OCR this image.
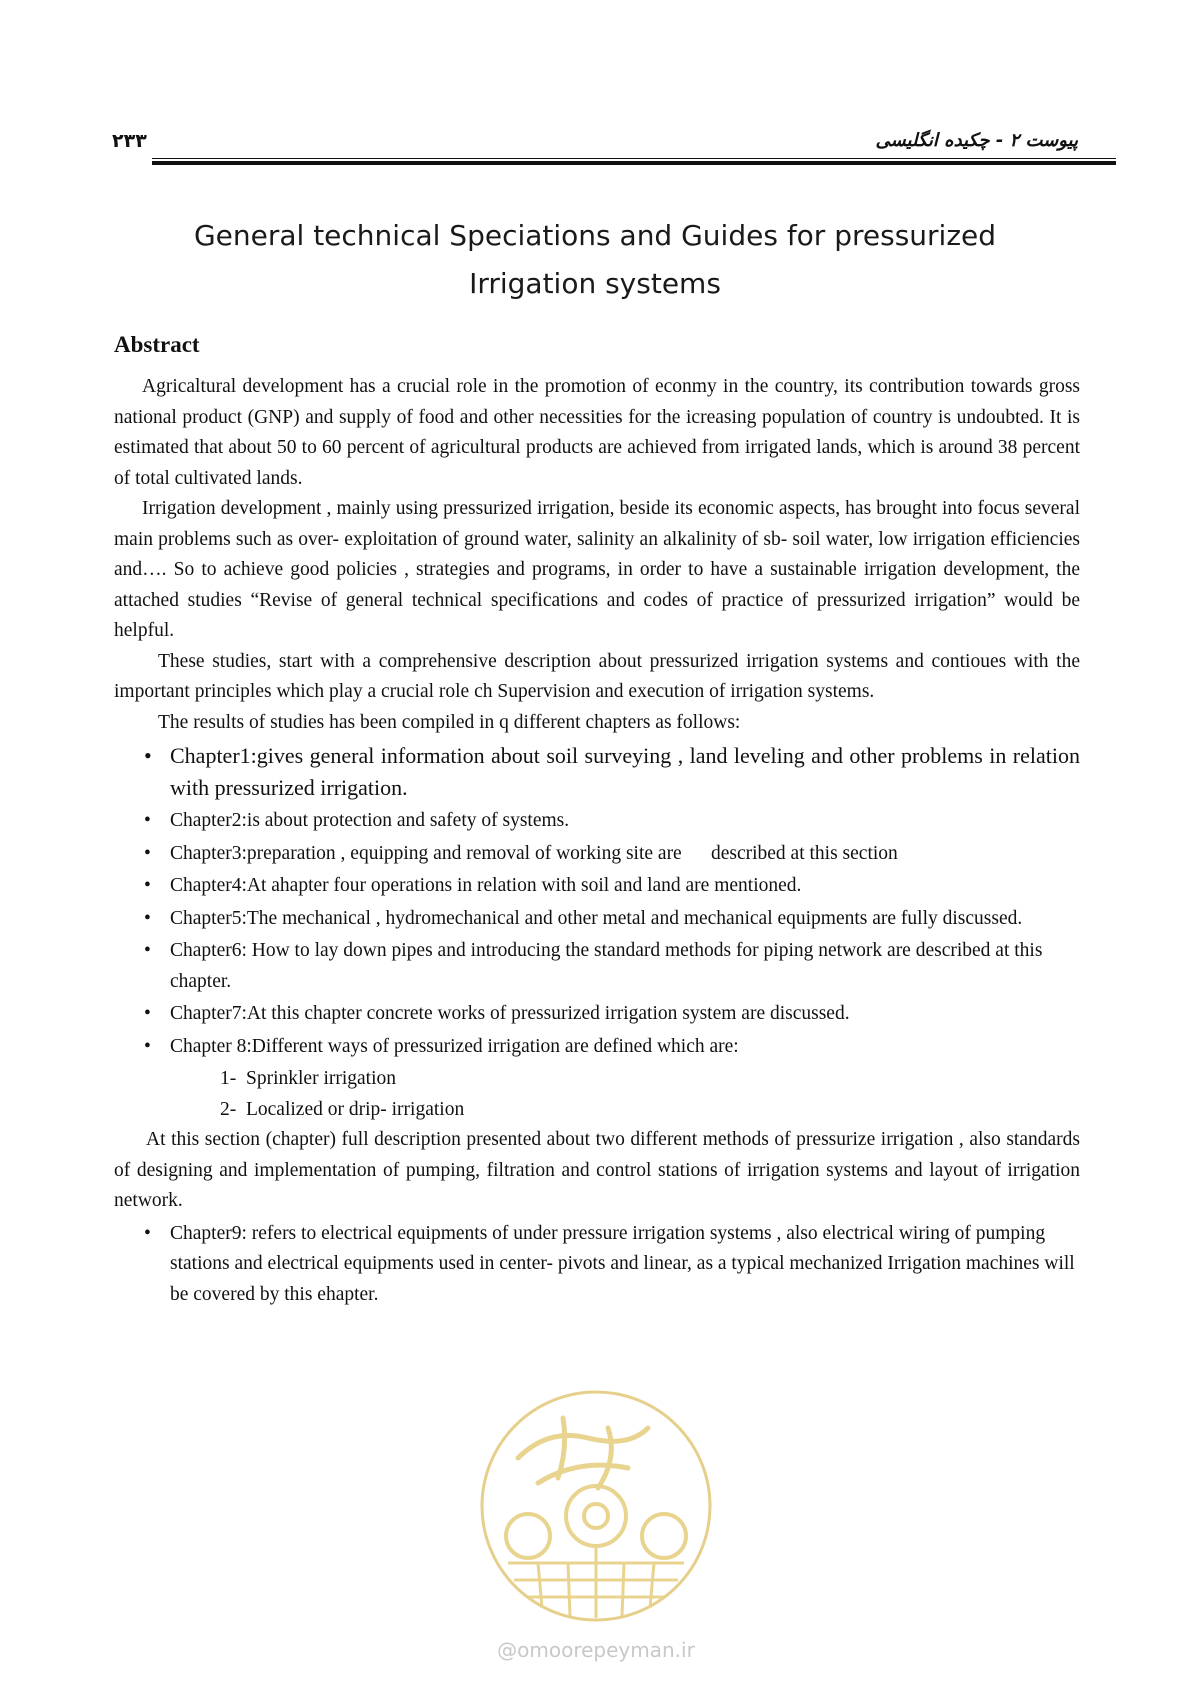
۲۳۳	پیوست ۲ - چکیده انگلیسی
General technical Speciations and Guides for pressurized
Irrigation systems
Abstract

Agricaltural development has a crucial role in the promotion of econmy in the country, its contribution towards gross national product (GNP) and supply of food and other necessities for the icreasing population of country is undoubted. It is estimated that about 50 to 60 percent of agricultural products are achieved from irrigated lands, which is around 38 percent of total cultivated lands.

Irrigation development , mainly using pressurized irrigation, beside its economic aspects, has brought into focus several main problems such as over- exploitation of ground water, salinity an alkalinity of sb- soil water, low irrigation efficiencies and…. So to achieve good policies , strategies and programs, in order to have a sustainable irrigation development, the attached studies “Revise of general technical specifications and codes of practice of pressurized irrigation” would be helpful.

These studies, start with a comprehensive description about pressurized irrigation systems and contioues with the important principles which play a crucial role ch Supervision and execution of irrigation systems.

The results of studies has been compiled in q different chapters as follows:

• Chapter1:gives general information about soil surveying , land leveling and other problems in relation with pressurized irrigation.
• Chapter2:is about protection and safety of systems.
• Chapter3:preparation , equipping and removal of working site are      described at this section
• Chapter4:At ahapter four operations in relation with soil and land are mentioned.
• Chapter5:The mechanical , hydromechanical and other metal and mechanical equipments are fully discussed.
• Chapter6: How to lay down pipes and introducing the standard methods for piping network are described at this chapter.
• Chapter7:At this chapter concrete works of pressurized irrigation system are discussed.
• Chapter 8:Different ways of pressurized irrigation are defined which are:
1-  Sprinkler irrigation
2-  Localized or drip- irrigation

At this section (chapter) full description presented about two different methods of pressurize irrigation , also standards of designing and implementation of pumping, filtration and control stations of irrigation systems and layout of irrigation network.

• Chapter9: refers to electrical equipments of under pressure irrigation systems , also electrical wiring of pumping stations and electrical equipments used in center- pivots and linear, as a typical mechanized Irrigation machines will be covered by this ehapter.
@omoorepeyman.ir
